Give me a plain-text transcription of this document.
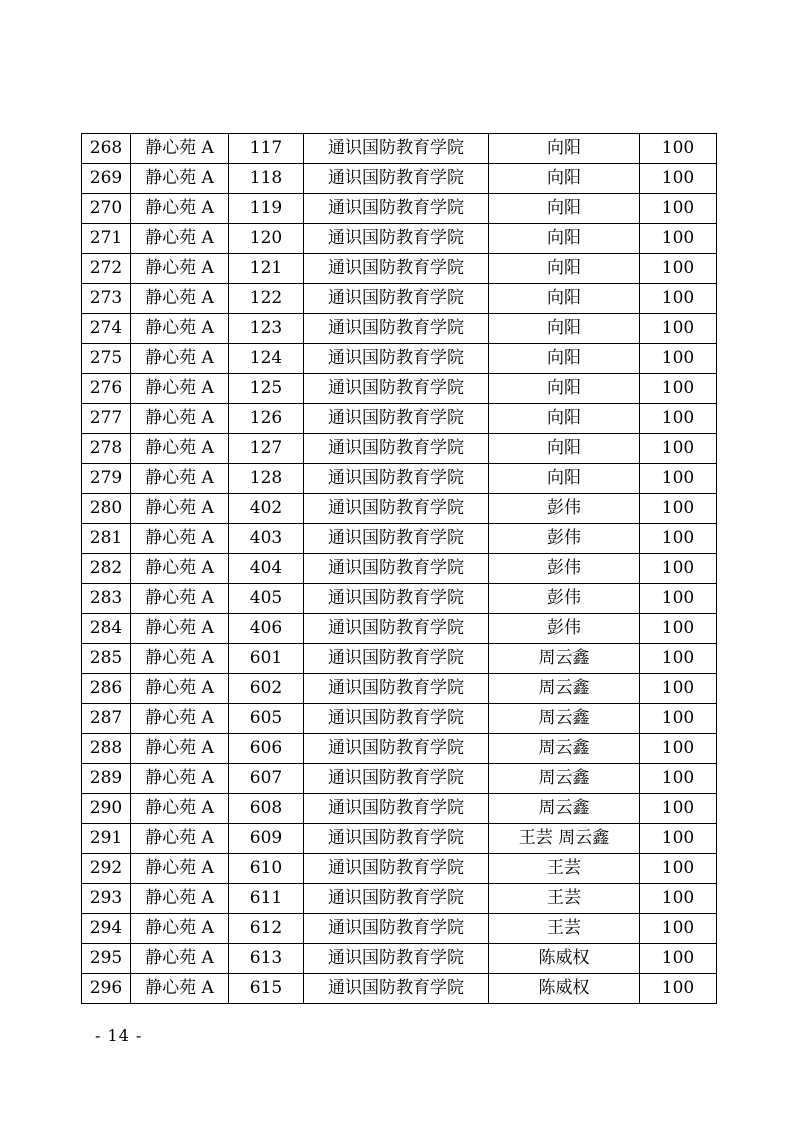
268	静心苑 A	117	通识国防教育学院	向阳	100
269	静心苑 A	118	通识国防教育学院	向阳	100
270	静心苑 A	119	通识国防教育学院	向阳	100
271	静心苑 A	120	通识国防教育学院	向阳	100
272	静心苑 A	121	通识国防教育学院	向阳	100
273	静心苑 A	122	通识国防教育学院	向阳	100
274	静心苑 A	123	通识国防教育学院	向阳	100
275	静心苑 A	124	通识国防教育学院	向阳	100
276	静心苑 A	125	通识国防教育学院	向阳	100
277	静心苑 A	126	通识国防教育学院	向阳	100
278	静心苑 A	127	通识国防教育学院	向阳	100
279	静心苑 A	128	通识国防教育学院	向阳	100
280	静心苑 A	402	通识国防教育学院	彭伟	100
281	静心苑 A	403	通识国防教育学院	彭伟	100
282	静心苑 A	404	通识国防教育学院	彭伟	100
283	静心苑 A	405	通识国防教育学院	彭伟	100
284	静心苑 A	406	通识国防教育学院	彭伟	100
285	静心苑 A	601	通识国防教育学院	周云鑫	100
286	静心苑 A	602	通识国防教育学院	周云鑫	100
287	静心苑 A	605	通识国防教育学院	周云鑫	100
288	静心苑 A	606	通识国防教育学院	周云鑫	100
289	静心苑 A	607	通识国防教育学院	周云鑫	100
290	静心苑 A	608	通识国防教育学院	周云鑫	100
291	静心苑 A	609	通识国防教育学院	王芸 周云鑫	100
292	静心苑 A	610	通识国防教育学院	王芸	100
293	静心苑 A	611	通识国防教育学院	王芸	100
294	静心苑 A	612	通识国防教育学院	王芸	100
295	静心苑 A	613	通识国防教育学院	陈威权	100
296	静心苑 A	615	通识国防教育学院	陈威权	100
- 14 -
